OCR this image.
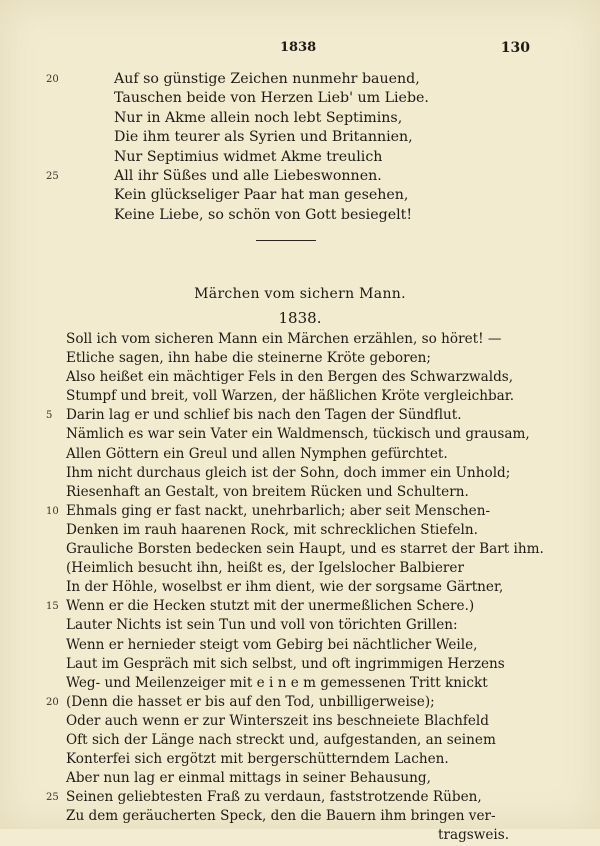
1838	130
20	Auf so günstige Zeichen nunmehr bauend,
Tauschen beide von Herzen Lieb' um Liebe.
Nur in Akme allein noch lebt Septimins,
Die ihm teurer als Syrien und Britannien,
Nur Septimius widmet Akme treulich
25	All ihr Süßes und alle Liebeswonnen.
Kein glückseliger Paar hat man gesehen,
Keine Liebe, so schön von Gott besiegelt!
Märchen vom sichern Mann.
1838.
Soll ich vom sicheren Mann ein Märchen erzählen, so höret! —
Etliche sagen, ihn habe die steinerne Kröte geboren;
Also heißet ein mächtiger Fels in den Bergen des Schwarzwalds,
Stumpf und breit, voll Warzen, der häßlichen Kröte vergleichbar.
5	Darin lag er und schlief bis nach den Tagen der Sündflut.
Nämlich es war sein Vater ein Waldmensch, tückisch und grausam,
Allen Göttern ein Greul und allen Nymphen gefürchtet.
Ihm nicht durchaus gleich ist der Sohn, doch immer ein Unhold;
Riesenhaft an Gestalt, von breitem Rücken und Schultern.
10 Ehmals ging er fast nackt, unehrbarlich; aber seit Menschen-
Denken im rauh haarenen Rock, mit schrecklichen Stiefeln.
Grauliche Borsten bedecken sein Haupt, und es starret der Bart ihm.
(Heimlich besucht ihn, heißt es, der Igelslocher Balbierer
In der Höhle, woselbst er ihm dient, wie der sorgsame Gärtner,
15 Wenn er die Hecken stutzt mit der unermeßlichen Schere.)
Lauter Nichts ist sein Tun und voll von törichten Grillen:
Wenn er hernieder steigt vom Gebirg bei nächtlicher Weile,
Laut im Gespräch mit sich selbst, und oft ingrimmigen Herzens
Weg- und Meilenzeiger mit e i n e m gemessenen Tritt knickt
20 (Denn die hasset er bis auf den Tod, unbilligerweise);
Oder auch wenn er zur Winterszeit ins beschneiete Blachfeld
Oft sich der Länge nach streckt und, aufgestanden, an seinem
Konterfei sich ergötzt mit bergerschütterndem Lachen.
Aber nun lag er einmal mittags in seiner Behausung,
25 Seinen geliebtesten Fraß zu verdaun, faststrotzende Rüben,
Zu dem geräucherten Speck, den die Bauern ihm bringen ver-
tragsweis.
